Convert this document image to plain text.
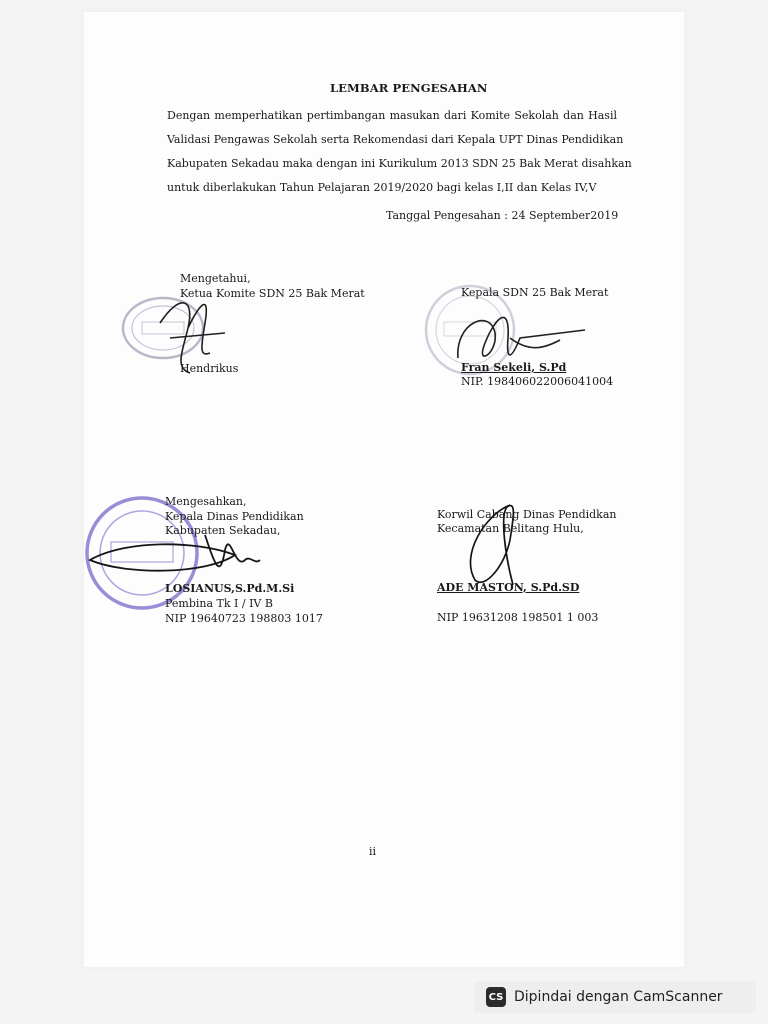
LEMBAR PENGESAHAN
Dengan memperhatikan pertimbangan masukan dari Komite Sekolah dan Hasil
Validasi Pengawas Sekolah serta Rekomendasi dari Kepala UPT Dinas Pendidikan
Kabupaten Sekadau maka dengan ini Kurikulum 2013 SDN 25 Bak Merat disahkan
untuk diberlakukan Tahun Pelajaran 2019/2020 bagi kelas I,II dan Kelas IV,V
Tanggal Pengesahan : 24 September2019
Mengetahui,
Ketua Komite SDN 25 Bak Merat
Hendrikus
Kepala SDN 25 Bak Merat
Fran Sekeli, S.Pd
NIP. 198406022006041004
Mengesahkan,
Kepala Dinas Pendidikan
Kabupaten Sekadau,
LOSIANUS,S.Pd.M.Si
Pembina Tk I / IV B
NIP 19640723 198803 1017
Korwil Cabang Dinas Pendidkan
Kecamatan Belitang Hulu,
ADE MASTON, S.Pd.SD
NIP 19631208 198501 1 003
ii
CS Dipindai dengan CamScanner
